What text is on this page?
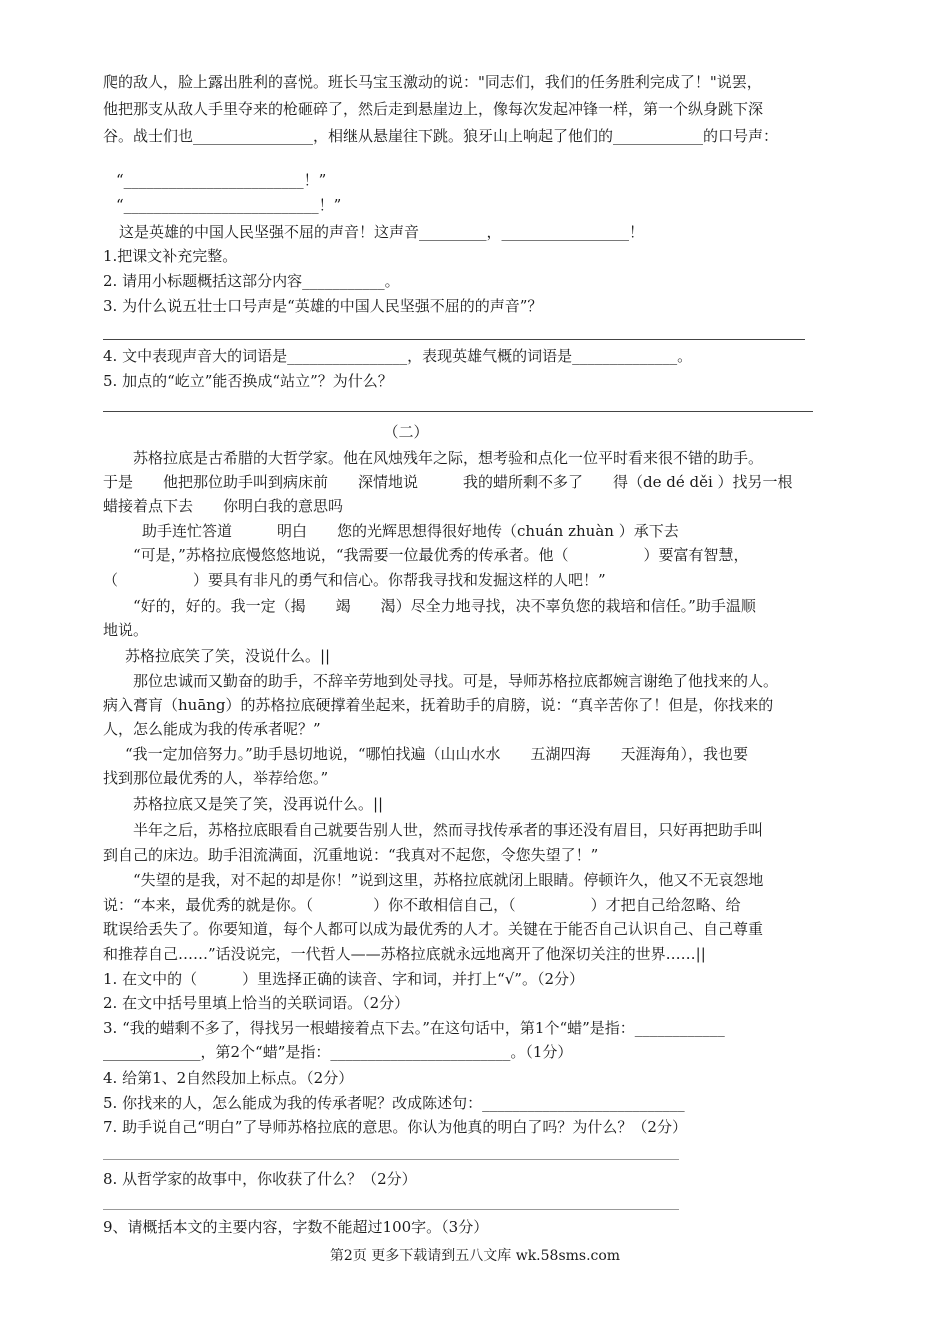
爬的敌人，脸上露出胜利的喜悦。班长马宝玉激动的说："同志们，我们的任务胜利完成了！"说罢，
他把那支从敌人手里夺来的枪砸碎了，然后走到悬崖边上，像每次发起冲锋一样，第一个纵身跳下深
谷。战士们也________________，相继从悬崖往下跳。狼牙山上响起了他们的____________的口号声：
“________________________！”
“__________________________！”
这是英雄的中国人民坚强不屈的声音！这声音_________，_________________！
1.把课文补充完整。
2. 请用小标题概括这部分内容___________。
3. 为什么说五壮士口号声是“英雄的中国人民坚强不屈的的声音”？
4. 文中表现声音大的词语是________________，表现英雄气概的词语是______________。
5. 加点的“屹立”能否换成“站立”？为什么？
（二）
苏格拉底是古希腊的大哲学家。他在风烛残年之际，想考验和点化一位平时看来很不错的助手。
于是　　他把那位助手叫到病床前　　深情地说　　　我的蜡所剩不多了　　得（de dé děi ）找另一根
蜡接着点下去　　你明白我的意思吗
助手连忙答道　　　明白　　您的光辉思想得很好地传（chuán zhuàn ）承下去
“可是，”苏格拉底慢悠悠地说，“我需要一位最优秀的传承者。他（　　　　　）要富有智慧，
（　　　　　）要具有非凡的勇气和信心。你帮我寻找和发掘这样的人吧！”
“好的，好的。我一定（揭　　竭　　渴）尽全力地寻找，决不辜负您的栽培和信任。”助手温顺
地说。
苏格拉底笑了笑，没说什么。||
那位忠诚而又勤奋的助手，不辞辛劳地到处寻找。可是，导师苏格拉底都婉言谢绝了他找来的人。
病入膏肓（huāng）的苏格拉底硬撑着坐起来，抚着助手的肩膀，说：“真辛苦你了！但是，你找来的
人，怎么能成为我的传承者呢？”
“我一定加倍努力。”助手恳切地说，“哪怕找遍（山山水水　　五湖四海　　天涯海角），我也要
找到那位最优秀的人，举荐给您。”
苏格拉底又是笑了笑，没再说什么。||
半年之后，苏格拉底眼看自己就要告别人世，然而寻找传承者的事还没有眉目，只好再把助手叫
到自己的床边。助手泪流满面，沉重地说：“我真对不起您，令您失望了！”
“失望的是我，对不起的却是你！”说到这里，苏格拉底就闭上眼睛。停顿许久，他又不无哀怨地
说：“本来，最优秀的就是你。（　　　　）你不敢相信自己，（　　　　　）才把自己给忽略、给
耽误给丢失了。你要知道，每个人都可以成为最优秀的人才。关键在于能否自己认识自己、自己尊重
和推荐自己……”话没说完，一代哲人——苏格拉底就永远地离开了他深切关注的世界……||
1. 在文中的（　　　）里选择正确的读音、字和词，并打上“√”。（2分）
2. 在文中括号里填上恰当的关联词语。（2分）
3. “我的蜡剩不多了，得找另一根蜡接着点下去。”在这句话中，第1个“蜡”是指：____________
_____________，第2个“蜡”是指：________________________。（1分）
4. 给第1、2自然段加上标点。（2分）
5. 你找来的人，怎么能成为我的传承者呢？改成陈述句：___________________________
7. 助手说自己“明白”了导师苏格拉底的意思。你认为他真的明白了吗？为什么？（2分）
8. 从哲学家的故事中，你收获了什么？（2分）
9、请概括本文的主要内容，字数不能超过100字。（3分）
第2页 更多下载请到五八文库 wk.58sms.com
